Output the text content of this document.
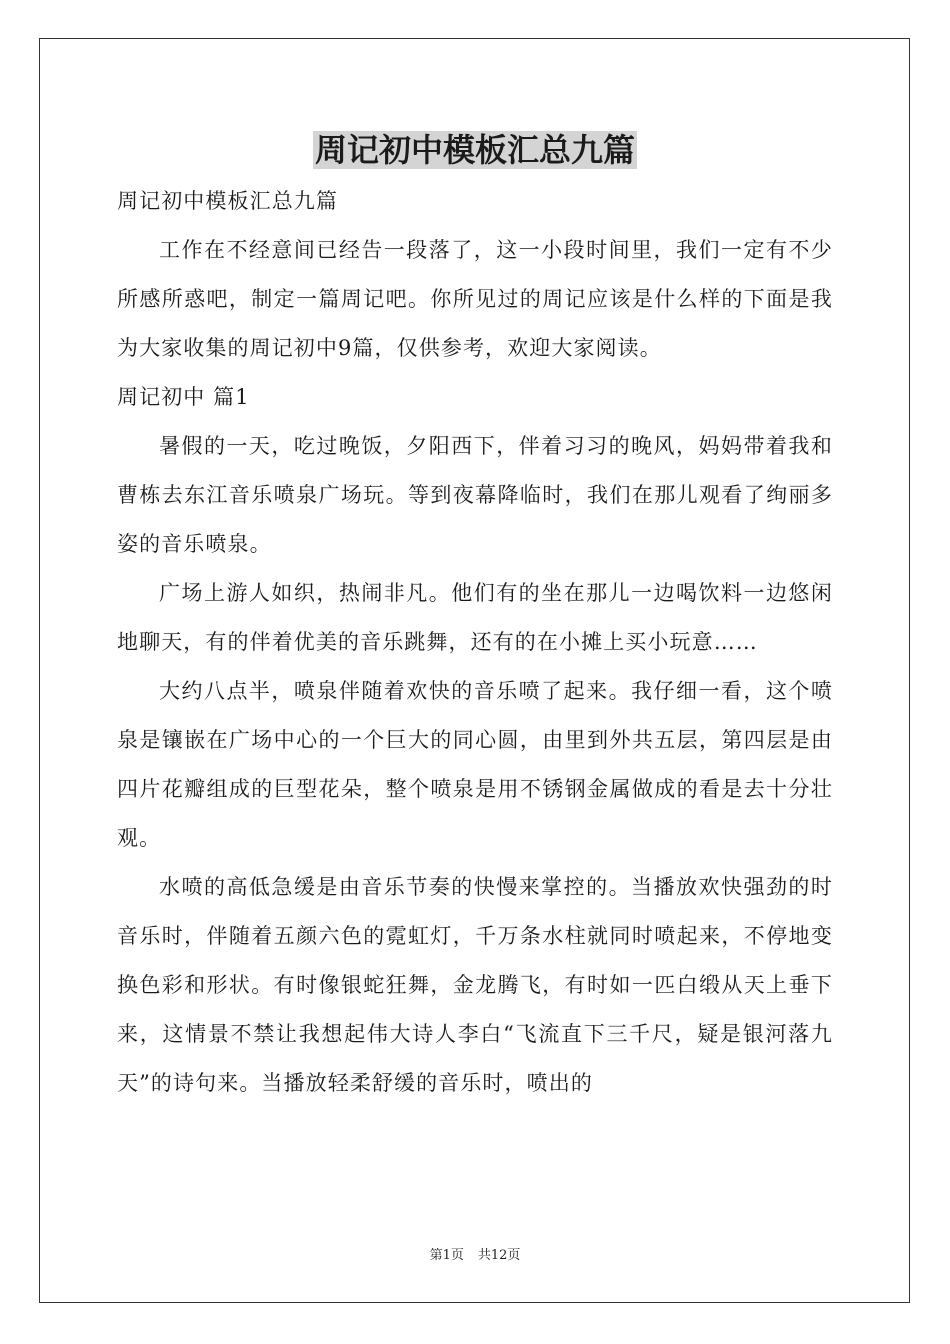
周记初中模板汇总九篇

周记初中模板汇总九篇

工作在不经意间已经告一段落了，这一小段时间里，我们一定有不少所感所惑吧，制定一篇周记吧。你所见过的周记应该是什么样的下面是我为大家收集的周记初中9篇，仅供参考，欢迎大家阅读。

周记初中 篇1

暑假的一天，吃过晚饭，夕阳西下，伴着习习的晚风，妈妈带着我和曹栋去东江音乐喷泉广场玩。等到夜幕降临时，我们在那儿观看了绚丽多姿的音乐喷泉。

广场上游人如织，热闹非凡。他们有的坐在那儿一边喝饮料一边悠闲地聊天，有的伴着优美的音乐跳舞，还有的在小摊上买小玩意……

大约八点半，喷泉伴随着欢快的音乐喷了起来。我仔细一看，这个喷泉是镶嵌在广场中心的一个巨大的同心圆，由里到外共五层，第四层是由四片花瓣组成的巨型花朵，整个喷泉是用不锈钢金属做成的看是去十分壮观。

水喷的高低急缓是由音乐节奏的快慢来掌控的。当播放欢快强劲的时音乐时，伴随着五颜六色的霓虹灯，千万条水柱就同时喷起来，不停地变换色彩和形状。有时像银蛇狂舞，金龙腾飞，有时如一匹白缎从天上垂下来，这情景不禁让我想起伟大诗人李白“飞流直下三千尺，疑是银河落九天”的诗句来。当播放轻柔舒缓的音乐时，喷出的

第1页 共12页
